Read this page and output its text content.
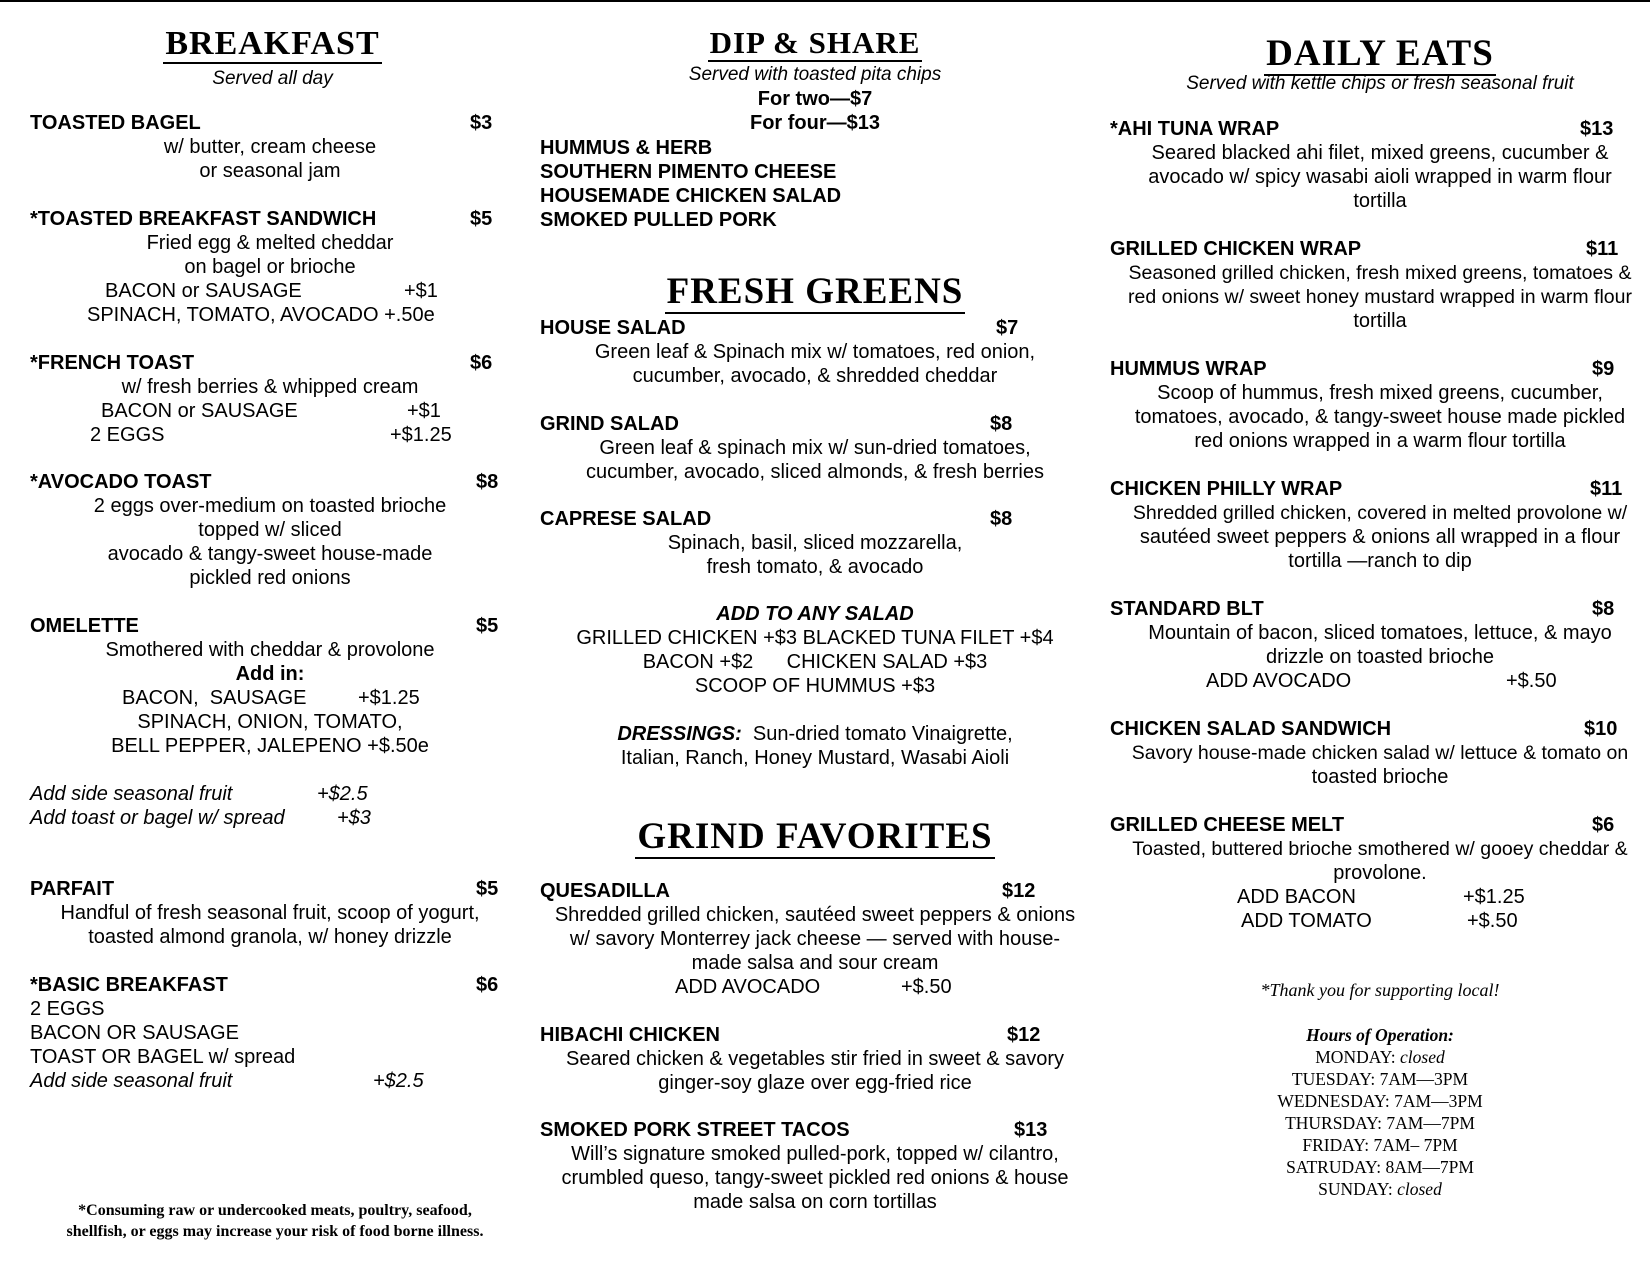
BREAKFAST
Served all day
TOASTED BAGEL	$3
w/ butter, cream cheese
or seasonal jam
*TOASTED BREAKFAST SANDWICH	$5
Fried egg & melted cheddar
on bagel or brioche
BACON or SAUSAGE	+$1
SPINACH, TOMATO, AVOCADO +.50e
*FRENCH TOAST	$6
w/ fresh berries & whipped cream
BACON or SAUSAGE	+$1
2 EGGS	+$1.25
*AVOCADO TOAST	$8
2 eggs over-medium on toasted brioche
topped w/ sliced
avocado & tangy-sweet house-made
pickled red onions
OMELETTE	$5
Smothered with cheddar & provolone
Add in:
BACON,  SAUSAGE	+$1.25
SPINACH, ONION, TOMATO,
BELL PEPPER, JALEPENO +$.50e
Add side seasonal fruit	+$2.5
Add toast or bagel w/ spread	+$3
PARFAIT	$5
Handful of fresh seasonal fruit, scoop of yogurt,
toasted almond granola, w/ honey drizzle
*BASIC BREAKFAST	$6
2 EGGS
BACON OR SAUSAGE
TOAST OR BAGEL w/ spread
Add side seasonal fruit	+$2.5
*Consuming raw or undercooked meats, poultry, seafood,
shellfish, or eggs may increase your risk of food borne illness.
DIP & SHARE
Served with toasted pita chips
For two—$7
For four—$13
HUMMUS & HERB
SOUTHERN PIMENTO CHEESE
HOUSEMADE CHICKEN SALAD
SMOKED PULLED PORK
FRESH GREENS
HOUSE SALAD	$7
Green leaf & Spinach mix w/ tomatoes, red onion,
cucumber, avocado, & shredded cheddar
GRIND SALAD	$8
Green leaf & spinach mix w/ sun-dried tomatoes,
cucumber, avocado, sliced almonds, & fresh berries
CAPRESE SALAD	$8
Spinach, basil, sliced mozzarella,
fresh tomato, & avocado
ADD TO ANY SALAD
GRILLED CHICKEN +$3 BLACKED TUNA FILET +$4
BACON +$2      CHICKEN SALAD +$3
SCOOP OF HUMMUS +$3
DRESSINGS:  Sun-dried tomato Vinaigrette,
Italian, Ranch, Honey Mustard, Wasabi Aioli
GRIND FAVORITES
QUESADILLA	$12
Shredded grilled chicken, sautéed sweet peppers & onions
w/ savory Monterrey jack cheese — served with house-
made salsa and sour cream
ADD AVOCADO	+$.50
HIBACHI CHICKEN	$12
Seared chicken & vegetables stir fried in sweet & savory
ginger-soy glaze over egg-fried rice
SMOKED PORK STREET TACOS	$13
Will’s signature smoked pulled-pork, topped w/ cilantro,
crumbled queso, tangy-sweet pickled red onions & house
made salsa on corn tortillas
DAILY EATS
Served with kettle chips or fresh seasonal fruit
*AHI TUNA WRAP	$13
Seared blacked ahi filet, mixed greens, cucumber &
avocado w/ spicy wasabi aioli wrapped in warm flour
tortilla
GRILLED CHICKEN WRAP	$11
Seasoned grilled chicken, fresh mixed greens, tomatoes &
red onions w/ sweet honey mustard wrapped in warm flour
tortilla
HUMMUS WRAP	$9
Scoop of hummus, fresh mixed greens, cucumber,
tomatoes, avocado, & tangy-sweet house made pickled
red onions wrapped in a warm flour tortilla
CHICKEN PHILLY WRAP	$11
Shredded grilled chicken, covered in melted provolone w/
sautéed sweet peppers & onions all wrapped in a flour
tortilla —ranch to dip
STANDARD BLT	$8
Mountain of bacon, sliced tomatoes, lettuce, & mayo
drizzle on toasted brioche
ADD AVOCADO	+$.50
CHICKEN SALAD SANDWICH	$10
Savory house-made chicken salad w/ lettuce & tomato on
toasted brioche
GRILLED CHEESE MELT	$6
Toasted, buttered brioche smothered w/ gooey cheddar &
provolone.
ADD BACON	+$1.25
ADD TOMATO	+$.50
*Thank you for supporting local!
Hours of Operation:
MONDAY: closed
TUESDAY: 7AM—3PM
WEDNESDAY: 7AM—3PM
THURSDAY: 7AM—7PM
FRIDAY: 7AM– 7PM
SATRUDAY: 8AM—7PM
SUNDAY: closed
